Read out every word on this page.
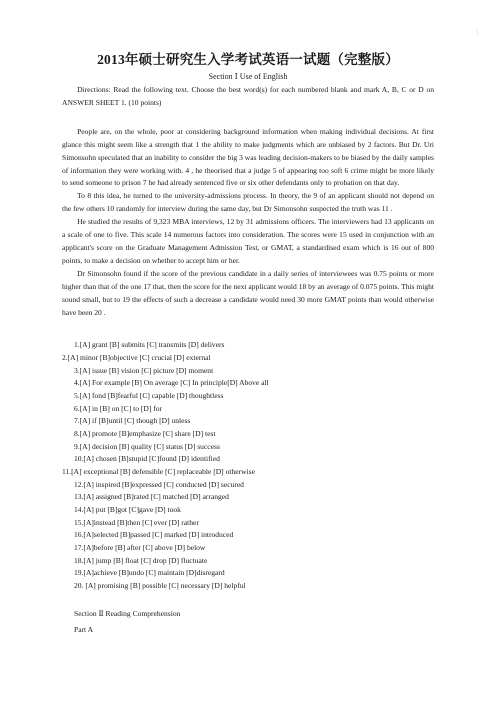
\
2013年硕士研究生入学考试英语一试题（完整版）
Section Ⅰ Use of English

Directions: Read the following text. Choose the best word(s) for each numbered blank and mark A, B, C or D on ANSWER SHEET 1. (10 points)

People are, on the whole, poor at considering background information when making individual decisions. At first glance this might seem like a strength that 1 the ability to make judgments which are unbiased by 2 factors. But Dr. Uri Simonsohn speculated that an inability to consider the big 3 was leading decision-makers to be biased by the daily samples of information they were working with. 4 , he theorised that a judge 5 of appearing too soft 6 crime might be more likely to send someone to prison 7 he had already sentenced five or six other defendants only to probation on that day.

To 8 this idea, he turned to the university-admissions process. In theory, the 9 of an applicant should not depend on the few others 10 randomly for interview during the same day, but Dr Simonsohn suspected the truth was 11 .

He studied the results of 9,323 MBA interviews, 12 by 31 admissions officers. The interviewers had 13 applicants on a scale of one to five. This scale 14 numerous factors into consideration. The scores were 15 used in conjunction with an applicant's score on the Graduate Management Admission Test, or GMAT, a standardised exam which is 16 out of 800 points, to make a decision on whether to accept him or her.

Dr Simonsohn found if the score of the previous candidate in a daily series of interviewees was 0.75 points or more higher than that of the one 17 that, then the score for the next applicant would 18 by an average of 0.075 points. This might sound small, but to 19 the effects of such a decrease a candidate would need 30 more GMAT points than would otherwise have been 20 .

1.[A] grant [B] submits [C] transmits [D] delivers

2.[A] minor [B]objective [C] crucial [D] external

3.[A] issue [B] vision [C] picture [D] moment

4.[A] For example [B] On average [C] In principle[D] Above all

5.[A] fond [B]fearful [C] capable [D] thoughtless

6.[A] in [B] on [C] to [D] for

7.[A] if [B]until [C] though [D] unless

8.[A] promote [B]emphasize [C] share [D] test

9.[A] decision [B] quality [C] status [D] success

10.[A] chosen [B]stupid [C]found [D] identified

11.[A] exceptional [B] defensible [C] replaceable [D] otherwise

12.[A] inspired [B]expressed [C] conducted [D] secured

13.[A] assigned [B]rated [C] matched [D] arranged

14.[A] put [B]got [C]gave [D] took

15.[A]instead [B]then [C] ever [D] rather

16.[A]selected [B]passed [C] marked [D] introduced

17.[A]before [B] after [C] above [D] below

18.[A] jump [B] float [C] drop [D] fluctuate

19.[A]achieve [B]undo [C] maintain [D]disregard

20. [A] promising [B] possible [C] necessary [D] helpful

Section Ⅱ Reading Comprehension

Part A
